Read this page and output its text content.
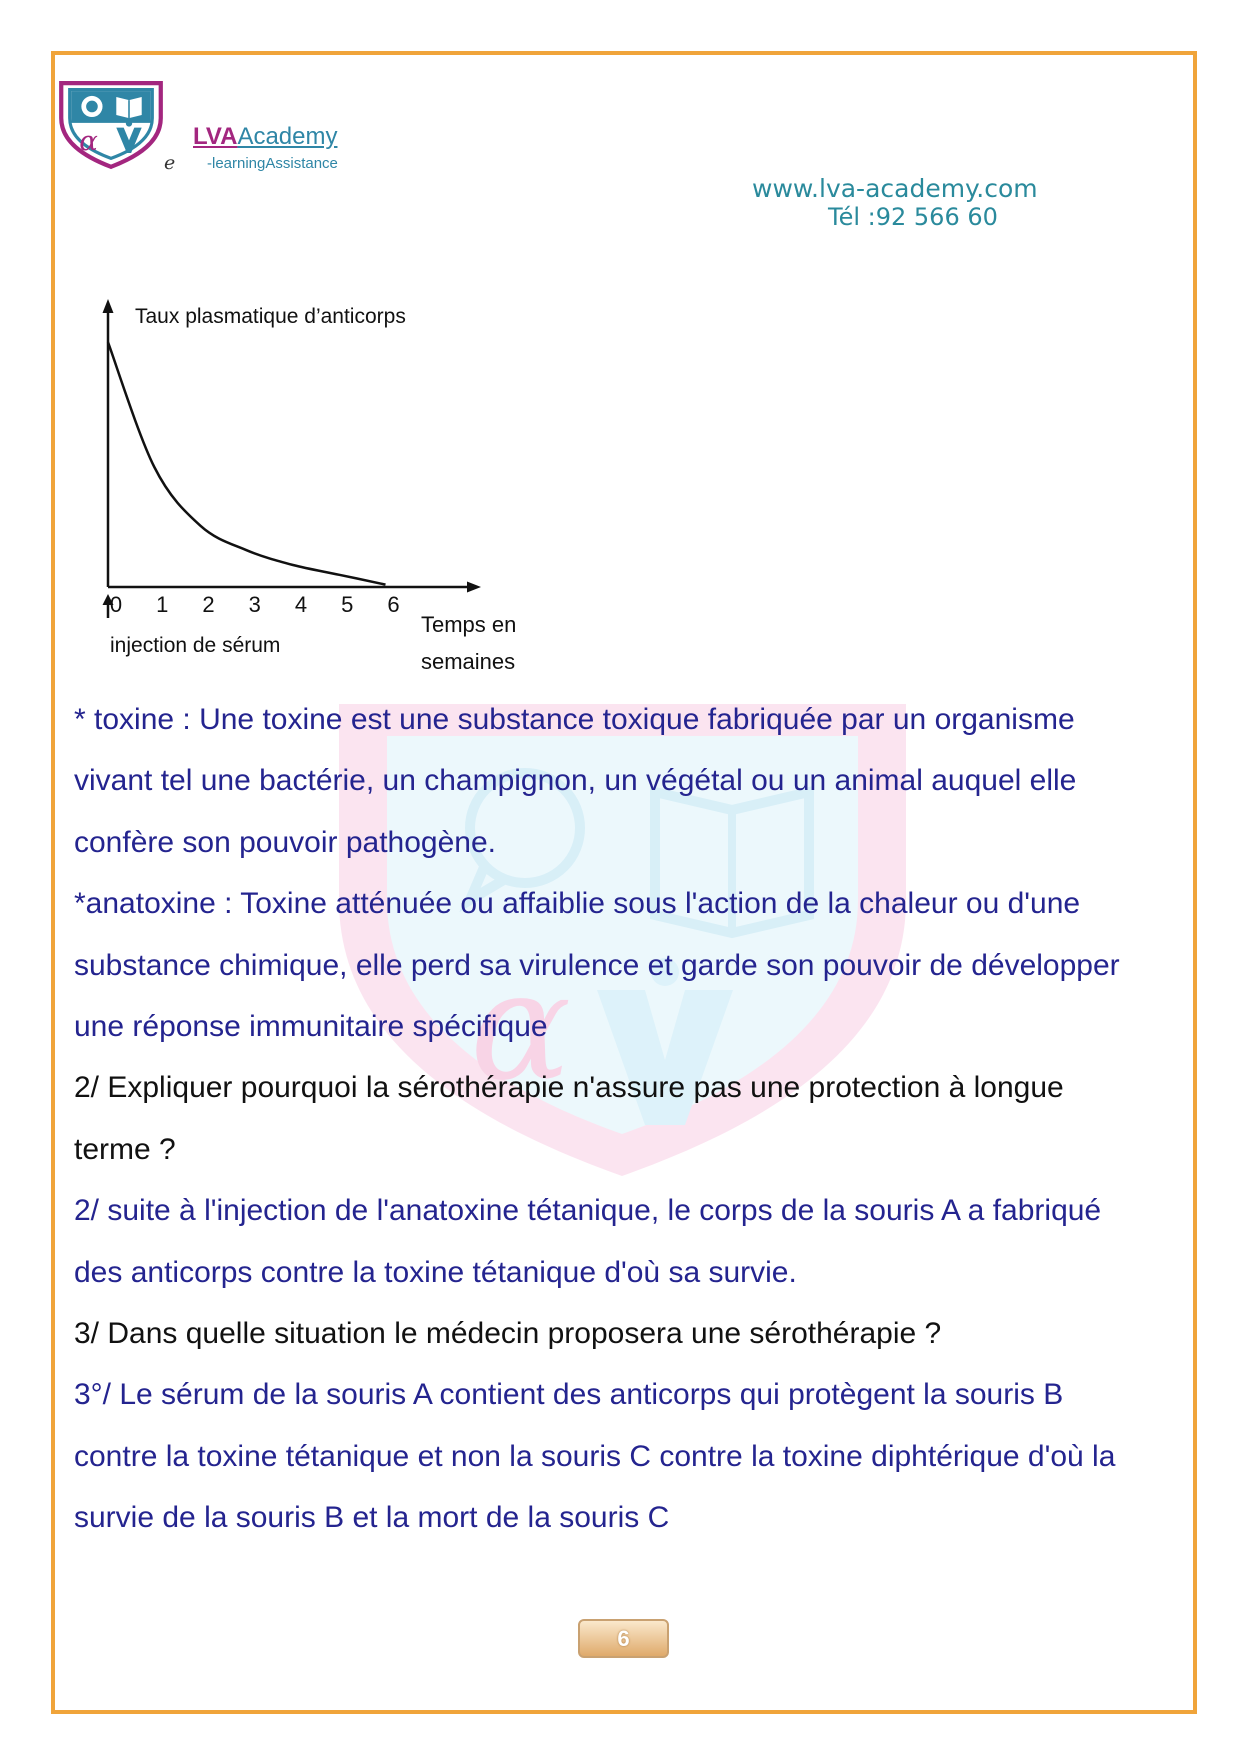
α
α	LVAAcademy
e -learningAssistance
www.lva-academy.com
Tél :92 566 60
0 1 2 3 4 5 6
Taux plasmatique d’anticorps
Temps en
semaines
injection de sérum
* toxine : Une toxine est une substance toxique fabriquée par un organisme
vivant tel une bactérie, un champignon, un végétal ou un animal auquel elle
confère son pouvoir pathogène.
*anatoxine : Toxine atténuée ou affaiblie sous l'action de la chaleur ou d'une
substance chimique, elle perd sa virulence et garde son pouvoir de développer
une réponse immunitaire spécifique
2/ Expliquer pourquoi la sérothérapie n'assure pas une protection à longue
terme ?
2/ suite à l'injection de l'anatoxine tétanique, le corps de la souris A a fabriqué
des anticorps contre la toxine tétanique d'où sa survie.
3/ Dans quelle situation le médecin proposera une sérothérapie ?
3°/ Le sérum de la souris A contient des anticorps qui protègent la souris B
contre la toxine tétanique et non la souris C contre la toxine diphtérique d'où la
survie de la souris B et la mort de la souris C
6
